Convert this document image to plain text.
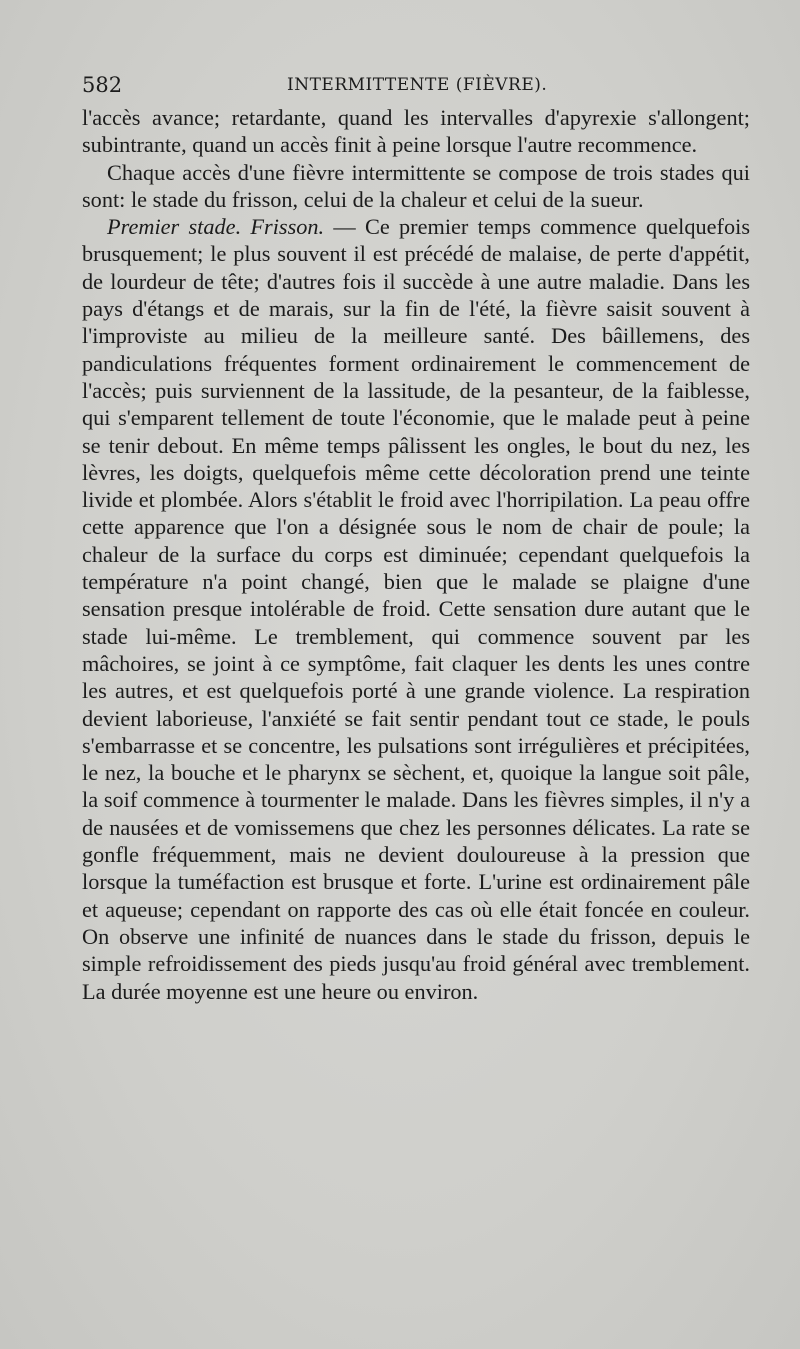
582	INTERMITTENTE (FIÈVRE).

l'accès avance; retardante, quand les intervalles d'apyrexie s'allongent; subintrante, quand un accès finit à peine lorsque l'autre recommence.

Chaque accès d'une fièvre intermittente se compose de trois stades qui sont: le stade du frisson, celui de la chaleur et celui de la sueur.

Premier stade. Frisson. — Ce premier temps commence quelquefois brusquement; le plus souvent il est précédé de malaise, de perte d'appétit, de lourdeur de tête; d'autres fois il succède à une autre maladie. Dans les pays d'étangs et de marais, sur la fin de l'été, la fièvre saisit souvent à l'improviste au milieu de la meilleure santé. Des bâillemens, des pandiculations fréquentes forment ordinairement le commencement de l'accès; puis surviennent de la lassitude, de la pesanteur, de la faiblesse, qui s'emparent tellement de toute l'économie, que le malade peut à peine se tenir debout. En même temps pâlissent les ongles, le bout du nez, les lèvres, les doigts, quelquefois même cette décoloration prend une teinte livide et plombée. Alors s'établit le froid avec l'horripilation. La peau offre cette apparence que l'on a désignée sous le nom de chair de poule; la chaleur de la surface du corps est diminuée; cependant quelquefois la température n'a point changé, bien que le malade se plaigne d'une sensation presque intolérable de froid. Cette sensation dure autant que le stade lui-même. Le tremblement, qui commence souvent par les mâchoires, se joint à ce symptôme, fait claquer les dents les unes contre les autres, et est quelquefois porté à une grande violence. La respiration devient laborieuse, l'anxiété se fait sentir pendant tout ce stade, le pouls s'embarrasse et se concentre, les pulsations sont irrégulières et précipitées, le nez, la bouche et le pharynx se sèchent, et, quoique la langue soit pâle, la soif commence à tourmenter le malade. Dans les fièvres simples, il n'y a de nausées et de vomissemens que chez les personnes délicates. La rate se gonfle fréquemment, mais ne devient douloureuse à la pression que lorsque la tuméfaction est brusque et forte. L'urine est ordinairement pâle et aqueuse; cependant on rapporte des cas où elle était foncée en couleur. On observe une infinité de nuances dans le stade du frisson, depuis le simple refroidissement des pieds jusqu'au froid général avec tremblement. La durée moyenne est une heure ou environ.
